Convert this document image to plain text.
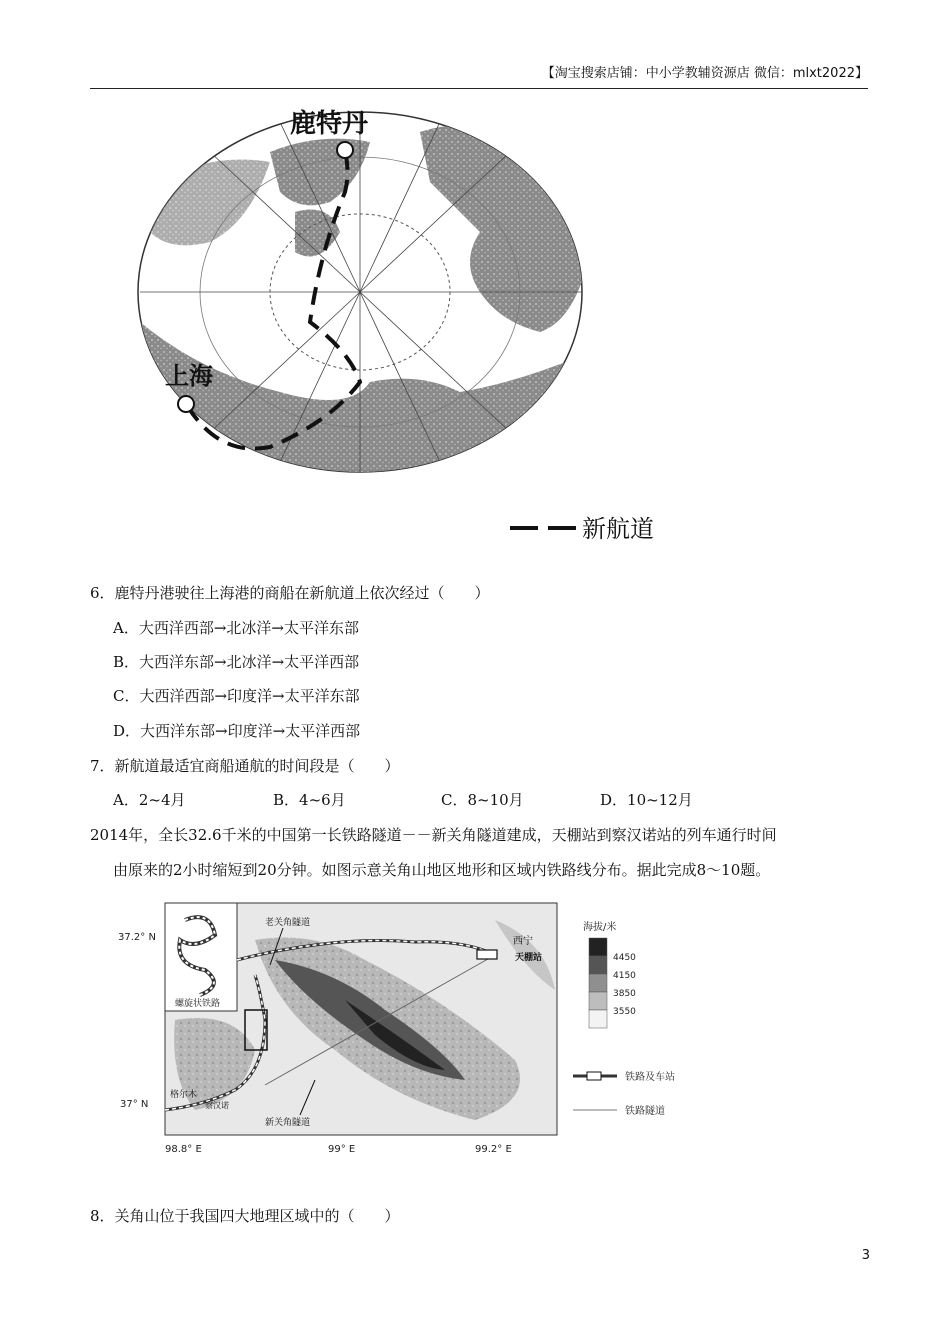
【淘宝搜索店铺：中小学教辅资源店 微信：mlxt2022】
鹿特丹
上海
新航道
6．鹿特丹港驶往上海港的商船在新航道上依次经过（　　）
A．大西洋西部→北冰洋→太平洋东部
B．大西洋东部→北冰洋→太平洋西部
C．大西洋西部→印度洋→太平洋东部
D．大西洋东部→印度洋→太平洋西部
7．新航道最适宜商船通航的时间段是（　　）
A．2~4月	B．4~6月	C．8~10月	D．10~12月
2014年，全长32.6千米的中国第一长铁路隧道－－新关角隧道建成，天棚站到察汉诺站的列车通行时间
由原来的2小时缩短到20分钟。如图示意关角山地区地形和区域内铁路线分布。据此完成8～10题。
37.2° N
37° N
98.8° E	99° E	99.2° E
螺旋状铁路
老关角隧道
新关角隧道
西宁
天棚站
格尔木
察汉诺
海拔/米
4450
4150
3850
3550
铁路及车站
铁路隧道
8．关角山位于我国四大地理区域中的（　　）
3
